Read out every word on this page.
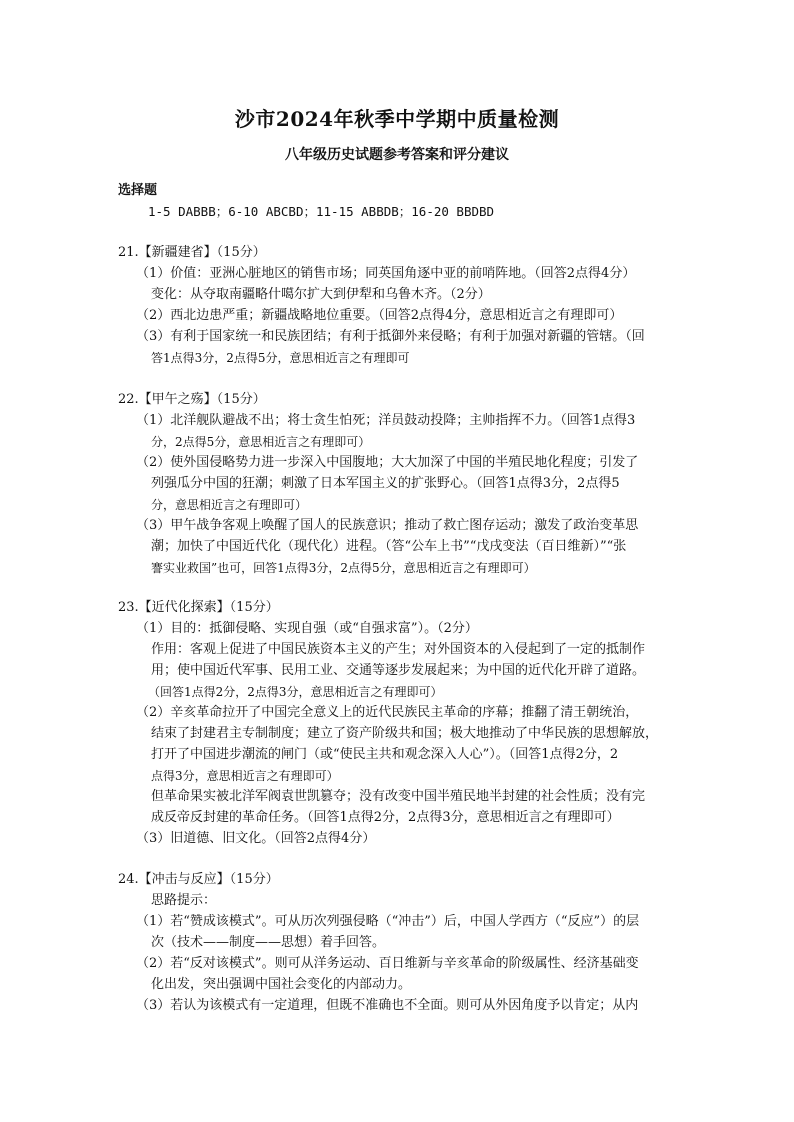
沙市2024年秋季中学期中质量检测
八年级历史试题参考答案和评分建议
选择题
1-5 DABBB；6-10 ABCBD；11-15 ABBDB；16-20 BBDBD
21.【新疆建省】（15分）
（1）价值：亚洲心脏地区的销售市场；同英国角逐中亚的前哨阵地。（回答2点得4分）
变化：从夺取南疆略什噶尔扩大到伊犁和乌鲁木齐。（2分）
（2）西北边患严重；新疆战略地位重要。（回答2点得4分，意思相近言之有理即可）
（3）有利于国家统一和民族团结；有利于抵御外来侵略；有利于加强对新疆的管辖。（回
答1点得3分，2点得5分，意思相近言之有理即可
22.【甲午之殇】（15分）
（1）北洋舰队避战不出；将士贪生怕死；洋员鼓动投降；主帅指挥不力。（回答1点得3
分，2点得5分，意思相近言之有理即可）
（2）使外国侵略势力进一步深入中国腹地；大大加深了中国的半殖民地化程度；引发了
列强瓜分中国的狂潮；刺激了日本军国主义的扩张野心。（回答1点得3分，2点得5
分，意思相近言之有理即可）
（3）甲午战争客观上唤醒了国人的民族意识；推动了救亡图存运动；激发了政治变革思
潮；加快了中国近代化（现代化）进程。（答“公车上书”“戊戌变法（百日维新）”“张
謇实业救国”也可，回答1点得3分，2点得5分，意思相近言之有理即可）
23.【近代化探索】（15分）
（1）目的：抵御侵略、实现自强（或“自强求富”）。（2分）
作用：客观上促进了中国民族资本主义的产生；对外国资本的入侵起到了一定的抵制作
用；使中国近代军事、民用工业、交通等逐步发展起来；为中国的近代化开辟了道路。
（回答1点得2分，2点得3分，意思相近言之有理即可）
（2）辛亥革命拉开了中国完全意义上的近代民族民主革命的序幕；推翻了清王朝统治，
结束了封建君主专制制度；建立了资产阶级共和国；极大地推动了中华民族的思想解放，
打开了中国进步潮流的闸门（或“使民主共和观念深入人心”）。（回答1点得2分，2
点得3分，意思相近言之有理即可）
但革命果实被北洋军阀袁世凯篡夺；没有改变中国半殖民地半封建的社会性质；没有完
成反帝反封建的革命任务。（回答1点得2分，2点得3分，意思相近言之有理即可）
（3）旧道德、旧文化。（回答2点得4分）
24.【冲击与反应】（15分）
思路提示：
（1）若“赞成该模式”。可从历次列强侵略（“冲击”）后，中国人学西方（“反应”）的层
次（技术——制度——思想）着手回答。
（2）若“反对该模式”。则可从洋务运动、百日维新与辛亥革命的阶级属性、经济基础变
化出发，突出强调中国社会变化的内部动力。
（3）若认为该模式有一定道理，但既不准确也不全面。则可从外因角度予以肯定；从内
